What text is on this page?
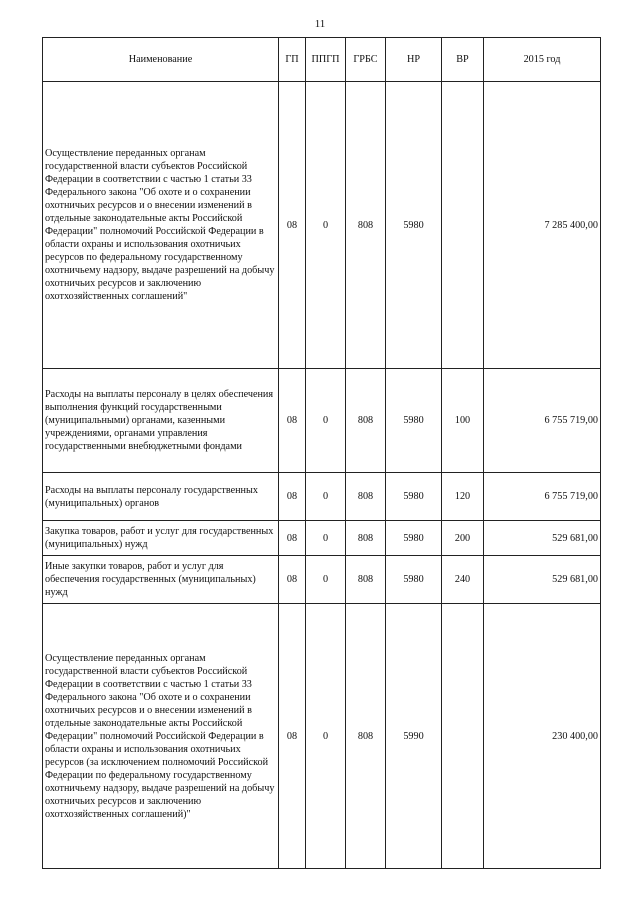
11
Наименование	ГП	ППГП	ГРБС	НР	ВР	2015 год
Осуществление переданных органам государственной власти субъектов Российской Федерации в соответствии с частью 1 статьи 33 Федерального закона "Об охоте и о сохранении охотничьих ресурсов и о внесении изменений в отдельные законодательные акты Российской Федерации" полномочий Российской Федерации в области охраны и использования охотничьих ресурсов по федеральному государственному охотничьему надзору, выдаче разрешений на добычу охотничьих ресурсов и заключению охотхозяйственных соглашений"	08	0	808	5980		7 285 400,00
Расходы на выплаты персоналу в целях обеспечения выполнения функций государственными (муниципальными) органами, казенными учреждениями, органами управления государственными внебюджетными фондами	08	0	808	5980	100	6 755 719,00
Расходы на выплаты персоналу государственных (муниципальных) органов	08	0	808	5980	120	6 755 719,00
Закупка товаров, работ и услуг для государственных (муниципальных) нужд	08	0	808	5980	200	529 681,00
Иные закупки товаров, работ и услуг для обеспечения государственных (муниципальных) нужд	08	0	808	5980	240	529 681,00
Осуществление переданных органам государственной власти субъектов Российской Федерации в соответствии с частью 1 статьи 33 Федерального закона "Об охоте и о сохранении охотничьих ресурсов и о внесении изменений в отдельные законодательные акты Российской Федерации" полномочий Российской Федерации в области охраны и использования охотничьих ресурсов (за исключением полномочий Российской Федерации по федеральному государственному охотничьему надзору, выдаче разрешений на добычу охотничьих ресурсов и заключению охотхозяйственных соглашений)"	08	0	808	5990		230 400,00
